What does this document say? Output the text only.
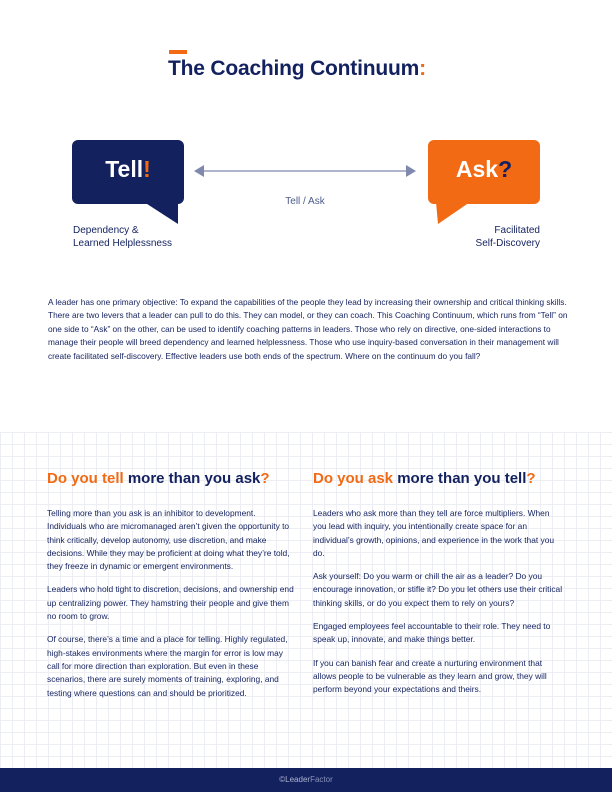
The Coaching Continuum:
Tell!	Ask?
Tell / Ask
Dependency &
Learned Helplessness
Facilitated
Self-Discovery

A leader has one primary objective: To expand the capabilities of the people they lead by increasing their ownership and critical thinking skills. There are two levers that a leader can pull to do this. They can model, or they can coach. This Coaching Continuum, which runs from “Tell” on one side to “Ask” on the other, can be used to identify coaching patterns in leaders. Those who rely on directive, one-sided interactions to manage their people will breed dependency and learned helplessness. Those who use inquiry-based conversation in their management will create facilitated self-discovery. Effective leaders use both ends of the spectrum. Where on the continuum do you fall?

Do you tell more than you ask?

Telling more than you ask is an inhibitor to development. Individuals who are micromanaged aren’t given the opportunity to think critically, develop autonomy, use discretion, and make decisions. While they may be proficient at doing what they’re told, they freeze in dynamic or emergent environments.

Leaders who hold tight to discretion, decisions, and ownership end up centralizing power. They hamstring their people and give them no room to grow.

Of course, there’s a time and a place for telling. Highly regulated, high-stakes environments where the margin for error is low may call for more direction than exploration. But even in these scenarios, there are surely moments of training, exploring, and testing where questions can and should be prioritized.

Do you ask more than you tell?

Leaders who ask more than they tell are force multipliers. When you lead with inquiry, you intentionally create space for an individual’s growth, opinions, and experience in the work that you do.

Ask yourself: Do you warm or chill the air as a leader? Do you encourage innovation, or stifle it? Do you let others use their critical thinking skills, or do you expect them to rely on yours?

Engaged employees feel accountable to their role. They need to speak up, innovate, and make things better.

If you can banish fear and create a nurturing environment that allows people to be vulnerable as they learn and grow, they will perform beyond your expectations and theirs.

©LeaderFactor
